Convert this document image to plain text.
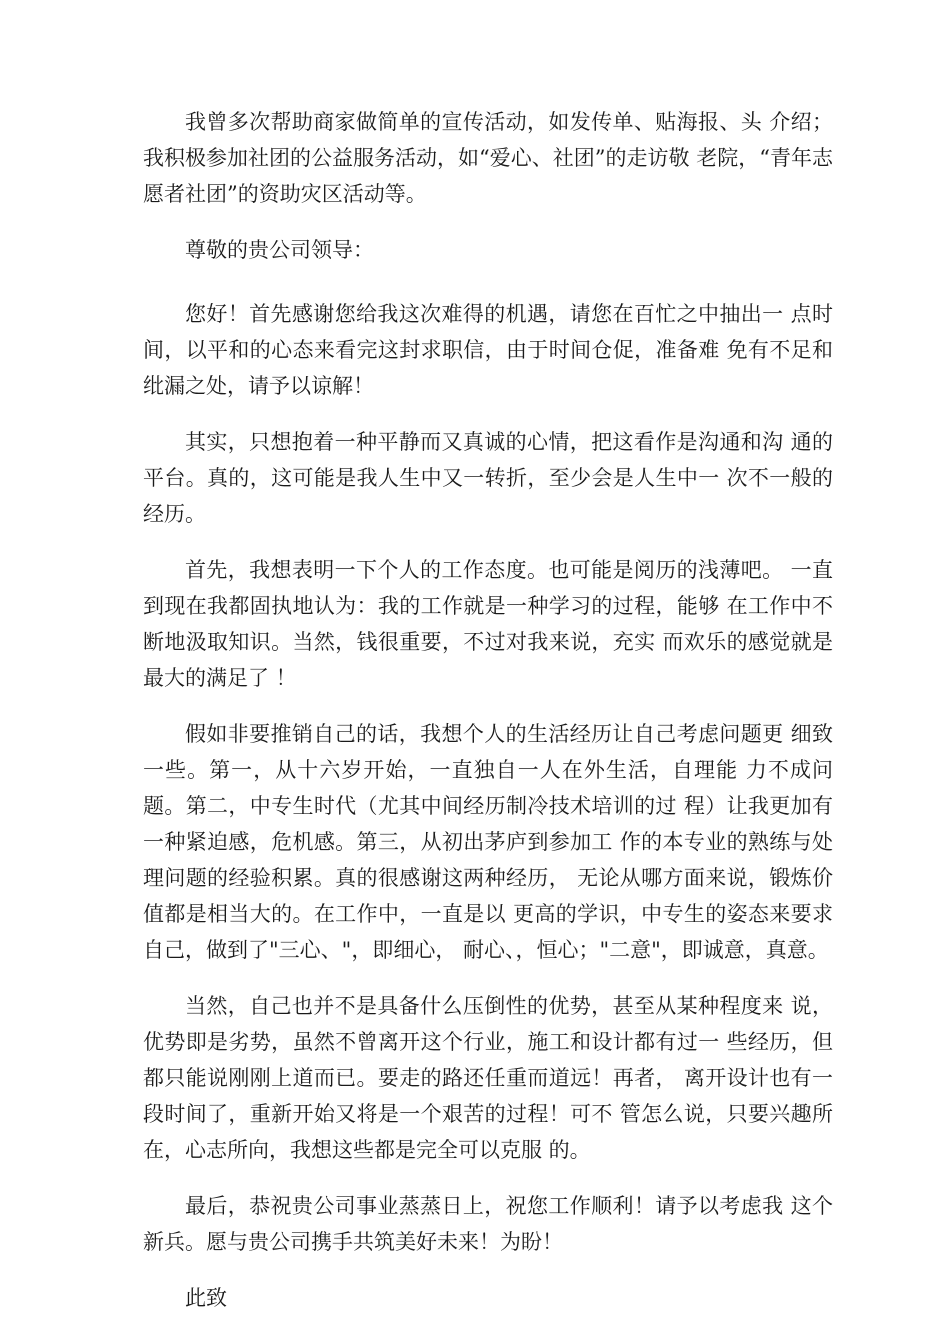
我曾多次帮助商家做简单的宣传活动，如发传单、贴海报、头 介绍；我积极参加社团的公益服务活动，如“爱心、社团”的走访敬 老院，“青年志愿者社团”的资助灾区活动等。

尊敬的贵公司领导：

您好！首先感谢您给我这次难得的机遇，请您在百忙之中抽出一 点时间，以平和的心态来看完这封求职信，由于时间仓促，准备难 免有不足和纰漏之处，请予以谅解！

其实，只想抱着一种平静而又真诚的心情，把这看作是沟通和沟 通的平台。真的，这可能是我人生中又一转折，至少会是人生中一 次不一般的经历。

首先，我想表明一下个人的工作态度。也可能是阅历的浅薄吧。 一直到现在我都固执地认为：我的工作就是一种学习的过程，能够 在工作中不断地汲取知识。当然，钱很重要，不过对我来说，充实 而欢乐的感觉就是最大的满足了 ！

假如非要推销自己的话，我想个人的生活经历让自己考虑问题更 细致一些。第一，从十六岁开始，一直独自一人在外生活，自理能 力不成问题。第二，中专生时代（尤其中间经历制冷技术培训的过 程）让我更加有一种紧迫感，危机感。第三，从初出茅庐到参加工 作的本专业的熟练与处理问题的经验积累。真的很感谢这两种经历， 无论从哪方面来说，锻炼价值都是相当大的。在工作中，一直是以 更高的学识，中专生的姿态来要求自己，做到了"三心、"，即细心， 耐心、，恒心；"二意"，即诚意，真意。

当然，自己也并不是具备什么压倒性的优势，甚至从某种程度来 说，优势即是劣势，虽然不曾离开这个行业，施工和设计都有过一 些经历，但都只能说刚刚上道而已。要走的路还任重而道远！再者， 离开设计也有一段时间了，重新开始又将是一个艰苦的过程！可不 管怎么说，只要兴趣所在，心志所向，我想这些都是完全可以克服 的。

最后，恭祝贵公司事业蒸蒸日上，祝您工作顺利！请予以考虑我 这个新兵。愿与贵公司携手共筑美好未来！为盼！

此致
